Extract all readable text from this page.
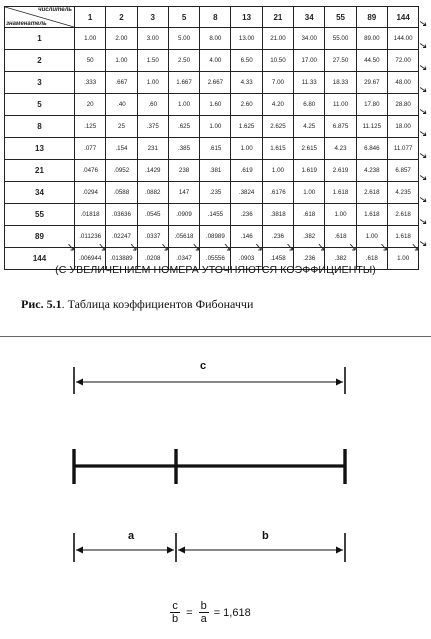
числитель
знаменатель	1	2	3	5	8	13	21	34	55	89	144
1	1.00	2.00	3.00	5.00	8.00	13.00	21.00	34.00	55.00	89.00	144.00
2	50	1.00	1.50	2.50	4.00	6.50	10.50	17.00	27.50	44.50	72.00
3	.333	.667	1.00	1.667	2.667	4.33	7.00	11.33	18.33	29.67	48.00
5	20	.40	.60	1.00	1.60	2.60	4.20	6.80	11.00	17.80	28.80
8	.125	25	.375	.625	1.00	1.625	2.625	4.25	6.875	11.125	18.00
13	.077	.154	231	.385	.615	1.00	1.615	2.615	4.23	6.846	11.077
21	.0476	.0952	.1429	238	.381	.619	1.00	1.619	2.619	4.238	6.857
34	.0294	.0588	.0882	147	.235	.3824	.6176	1.00	1.618	2.618	4.235
55	.01818	.03636	.0545	.0909	.1455	.236	.3818	.618	1.00	1.618	2.618
89	.011236	.02247	.0337	.05618	.08989	.146	.236	.382	.618	1.00	1.618
144	.006944	.013889	.0208	.0347	.05556	.0903	.1458	.236	.382	.618	1.00
(С УВЕЛИЧЕНИЕМ НОМЕРА УТОЧНЯЮТСЯ КОЭФФИЦИЕНТЫ)
Рис. 5.1. Таблица коэффициентов Фибоначчи
c
a	b
$\frac{c}{b} = \frac{b}{a} = 1,618$
